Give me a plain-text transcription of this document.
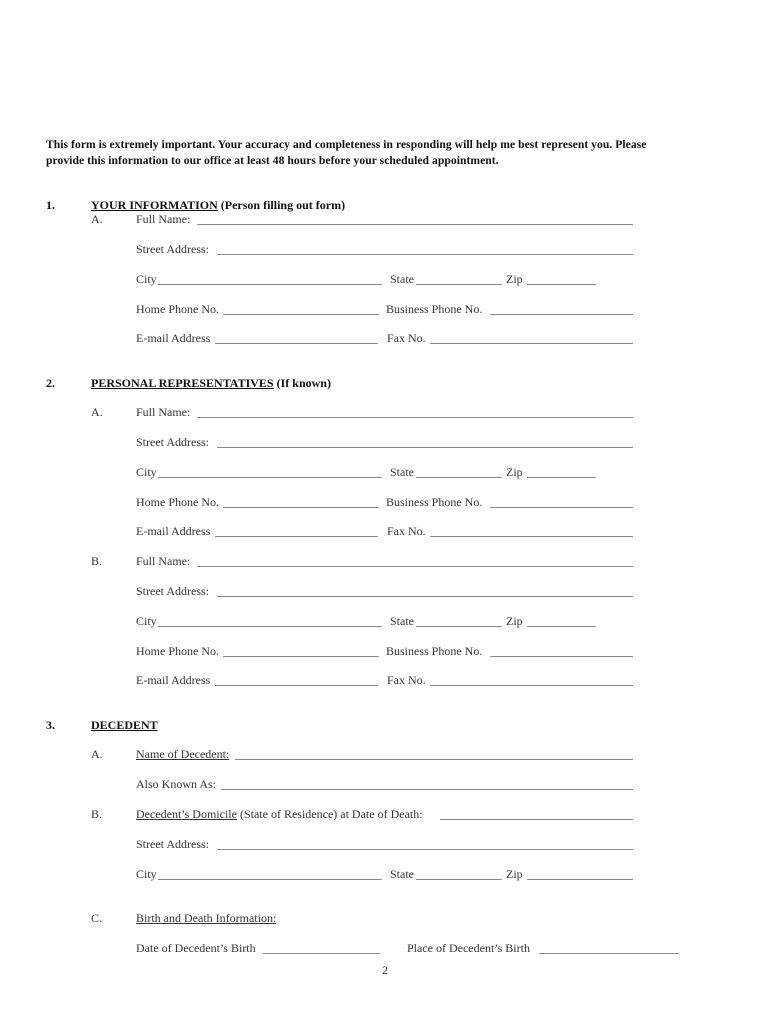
This form is extremely important. Your accuracy and completeness in responding will help me best represent you. Please
provide this information to our office at least 48 hours before your scheduled appointment.
1.	YOUR INFORMATION (Person filling out form)
A.	Full Name:
Street Address:
City	State	Zip
Home Phone No.	Business Phone No.
E-mail Address	Fax No.
2.	PERSONAL REPRESENTATIVES (If known)
A.	Full Name:
Street Address:
City	State	Zip
Home Phone No.	Business Phone No.
E-mail Address	Fax No.
B.	Full Name:
Street Address:
City	State	Zip
Home Phone No.	Business Phone No.
E-mail Address	Fax No.
3.	DECEDENT
A.	Name of Decedent:
Also Known As:
B.	Decedent’s Domicile (State of Residence) at Date of Death:
Street Address:
City	State	Zip
C.	Birth and Death Information:
Date of Decedent’s Birth	Place of Decedent’s Birth
2
